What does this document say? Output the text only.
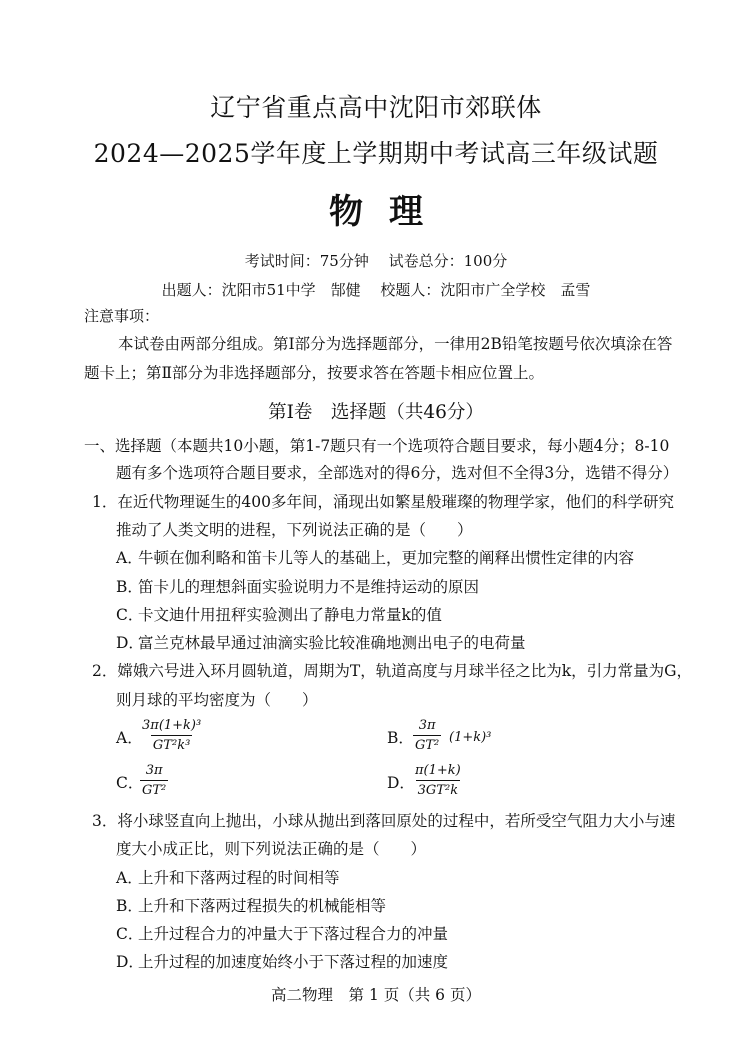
辽宁省重点高中沈阳市郊联体
2024—2025学年度上学期期中考试高三年级试题
物理
考试时间：75分钟　 试卷总分：100分
出题人：沈阳市51中学　郜健　 校题人：沈阳市广全学校　孟雪
注意事项：
本试卷由两部分组成。第Ⅰ部分为选择题部分，一律用2B铅笔按题号依次填涂在答
题卡上；第Ⅱ部分为非选择题部分，按要求答在答题卡相应位置上。
第Ⅰ卷　选择题（共46分）
一、选择题（本题共10小题，第1-7题只有一个选项符合题目要求，每小题4分；8-10
题有多个选项符合题目要求，全部选对的得6分，选对但不全得3分，选错不得分）
1．在近代物理诞生的400多年间，涌现出如繁星般璀璨的物理学家，他们的科学研究
推动了人类文明的进程，下列说法正确的是（　　）
A．牛顿在伽利略和笛卡儿等人的基础上，更加完整的阐释出惯性定律的内容
B．笛卡儿的理想斜面实验说明力不是维持运动的原因
C．卡文迪什用扭秤实验测出了静电力常量k的值
D．富兰克林最早通过油滴实验比较准确地测出电子的电荷量
2．嫦娥六号进入环月圆轨道，周期为T，轨道高度与月球半径之比为k，引力常量为G，
则月球的平均密度为（　　）
A．
$\frac{\text{3π(1+k)³}}{\text{GT²k³}}$	B． $\frac{3\pi}{\text{GT²}} (1+k)^3$
C．
$\frac{3\pi}{\text{GT²}}$	D．
$\frac{\pi(1+k)}{\text{3GT²k}}$
3．将小球竖直向上抛出，小球从抛出到落回原处的过程中，若所受空气阻力大小与速
度大小成正比，则下列说法正确的是（　　）
A．上升和下落两过程的时间相等
B．上升和下落两过程损失的机械能相等
C．上升过程合力的冲量大于下落过程合力的冲量
D．上升过程的加速度始终小于下落过程的加速度
高二物理　第 1 页（共 6 页）
